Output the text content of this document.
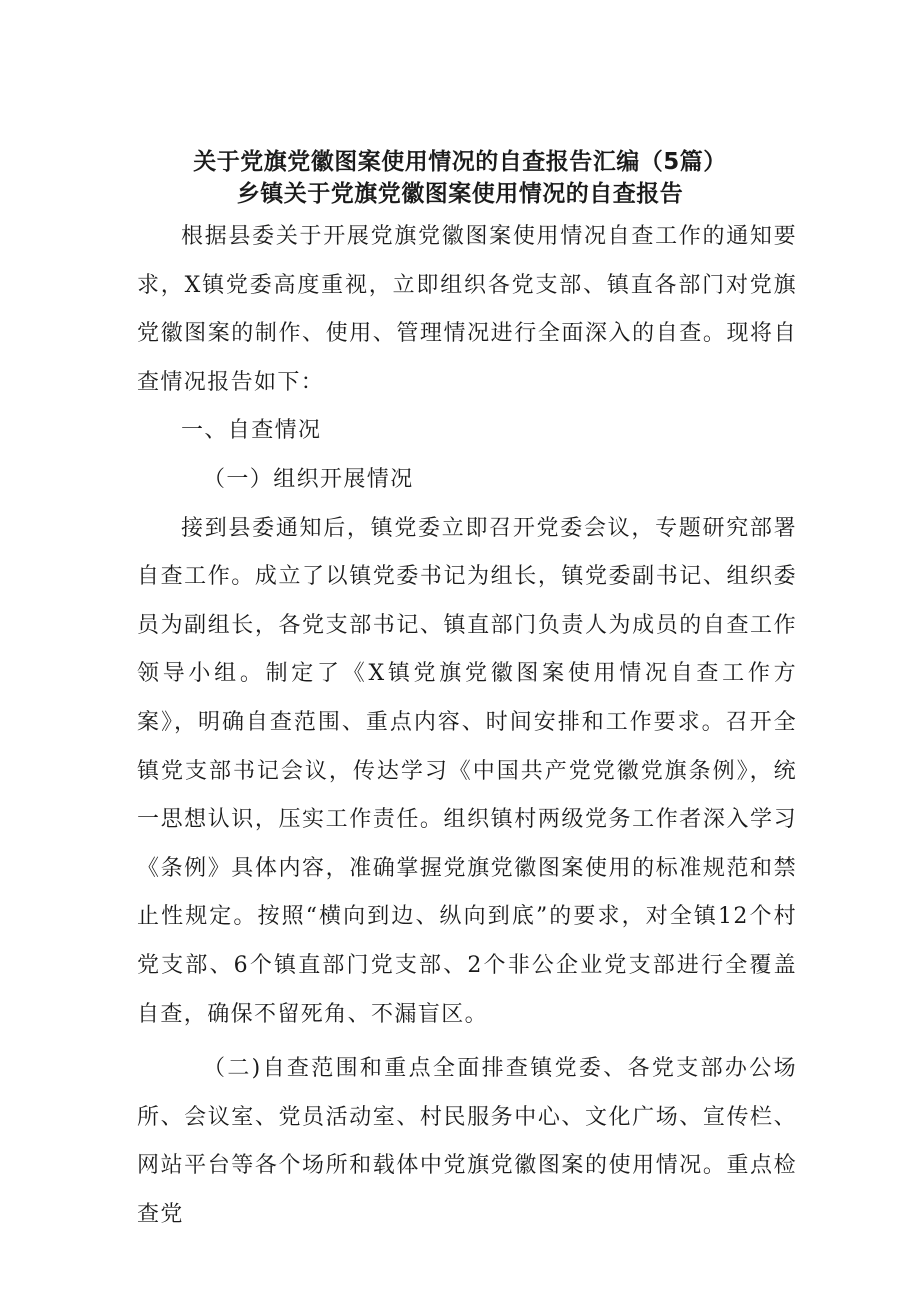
关于党旗党徽图案使用情况的自查报告汇编（5篇）
乡镇关于党旗党徽图案使用情况的自查报告

根据县委关于开展党旗党徽图案使用情况自查工作的通知要求，X镇党委高度重视，立即组织各党支部、镇直各部门对党旗党徽图案的制作、使用、管理情况进行全面深入的自查。现将自查情况报告如下：

一、自查情况

（一）组织开展情况

接到县委通知后，镇党委立即召开党委会议，专题研究部署自查工作。成立了以镇党委书记为组长，镇党委副书记、组织委员为副组长，各党支部书记、镇直部门负责人为成员的自查工作领导小组。制定了《X镇党旗党徽图案使用情况自查工作方案》，明确自查范围、重点内容、时间安排和工作要求。召开全镇党支部书记会议，传达学习《中国共产党党徽党旗条例》，统一思想认识，压实工作责任。组织镇村两级党务工作者深入学习《条例》具体内容，准确掌握党旗党徽图案使用的标准规范和禁止性规定。按照“横向到边、纵向到底”的要求，对全镇12个村党支部、6个镇直部门党支部、2个非公企业党支部进行全覆盖自查，确保不留死角、不漏盲区。

（二)自查范围和重点全面排查镇党委、各党支部办公场所、会议室、党员活动室、村民服务中心、文化广场、宣传栏、网站平台等各个场所和载体中党旗党徽图案的使用情况。重点检查党
